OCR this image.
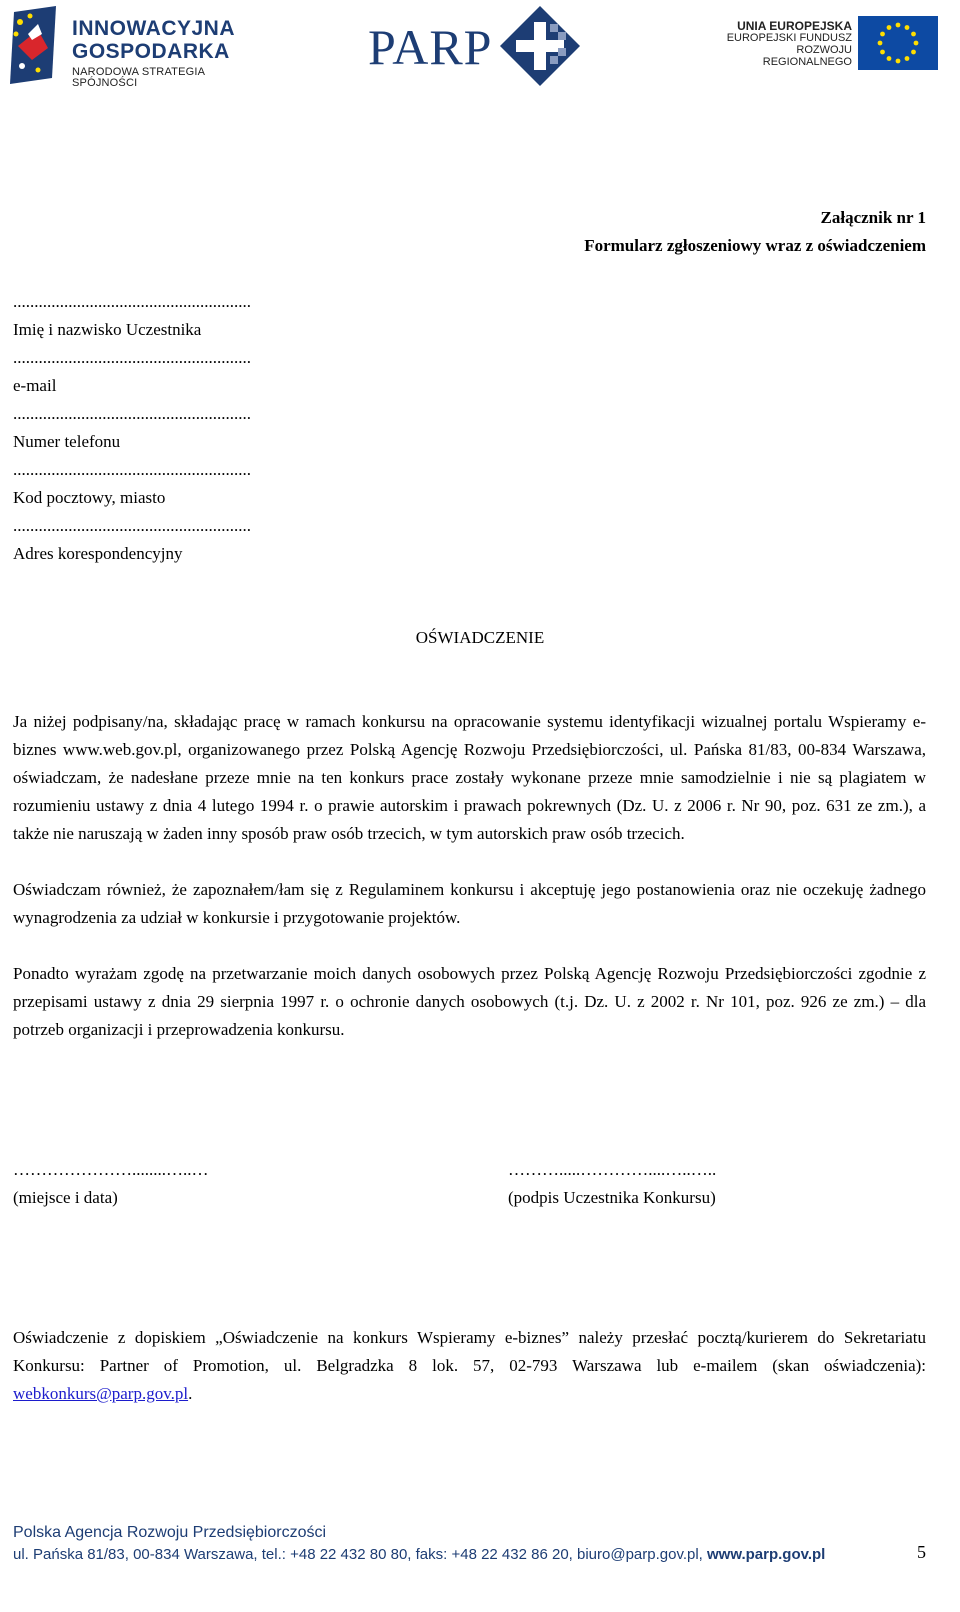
INNOWACYJNA
GOSPODARKA
NARODOWA STRATEGIA SPÓJNOŚCI
PARP	UNIA EUROPEJSKA
EUROPEJSKI FUNDUSZ
ROZWOJU REGIONALNEGO
Załącznik nr 1
Formularz zgłoszeniowy wraz z oświadczeniem
........................................................
Imię i nazwisko Uczestnika
........................................................
e-mail
........................................................
Numer telefonu
........................................................
Kod pocztowy, miasto
........................................................
Adres korespondencyjny
OŚWIADCZENIE
Ja niżej podpisany/na, składając pracę w ramach konkursu na opracowanie systemu identyfikacji wizualnej portalu Wspieramy e-biznes www.web.gov.pl, organizowanego przez Polską Agencję Rozwoju Przedsiębiorczości, ul. Pańska 81/83, 00-834 Warszawa, oświadczam, że nadesłane przeze mnie na ten konkurs prace zostały wykonane przeze mnie samodzielnie i nie są plagiatem w rozumieniu ustawy z dnia 4 lutego 1994 r. o prawie autorskim i prawach pokrewnych (Dz. U. z 2006 r. Nr 90, poz. 631 ze zm.), a także nie naruszają w żaden inny sposób praw osób trzecich, w tym autorskich praw osób trzecich.
Oświadczam również, że zapoznałem/łam się z Regulaminem konkursu i akceptuję jego postanowienia oraz nie oczekuję żadnego wynagrodzenia za udział w konkursie i przygotowanie projektów.
Ponadto wyrażam zgodę na przetwarzanie moich danych osobowych przez Polską Agencję Rozwoju Przedsiębiorczości zgodnie z przepisami ustawy z dnia 29 sierpnia 1997 r. o ochronie danych osobowych (t.j. Dz. U. z 2002 r. Nr 101, poz. 926 ze zm.) – dla potrzeb organizacji i przeprowadzenia konkursu.
…………………........…..…
(miejsce i data)
……….....…………....…..…..
(podpis Uczestnika Konkursu)
Oświadczenie z dopiskiem „Oświadczenie na konkurs Wspieramy e-biznes” należy przesłać pocztą/kurierem do Sekretariatu Konkursu: Partner of Promotion, ul. Belgradzka 8 lok. 57, 02-793 Warszawa lub e-mailem (skan oświadczenia): webkonkurs@parp.gov.pl.
Polska Agencja Rozwoju Przedsiębiorczości
ul. Pańska 81/83, 00-834 Warszawa, tel.: +48 22 432 80 80, faks: +48 22 432 86 20, biuro@parp.gov.pl, www.parp.gov.pl	5
